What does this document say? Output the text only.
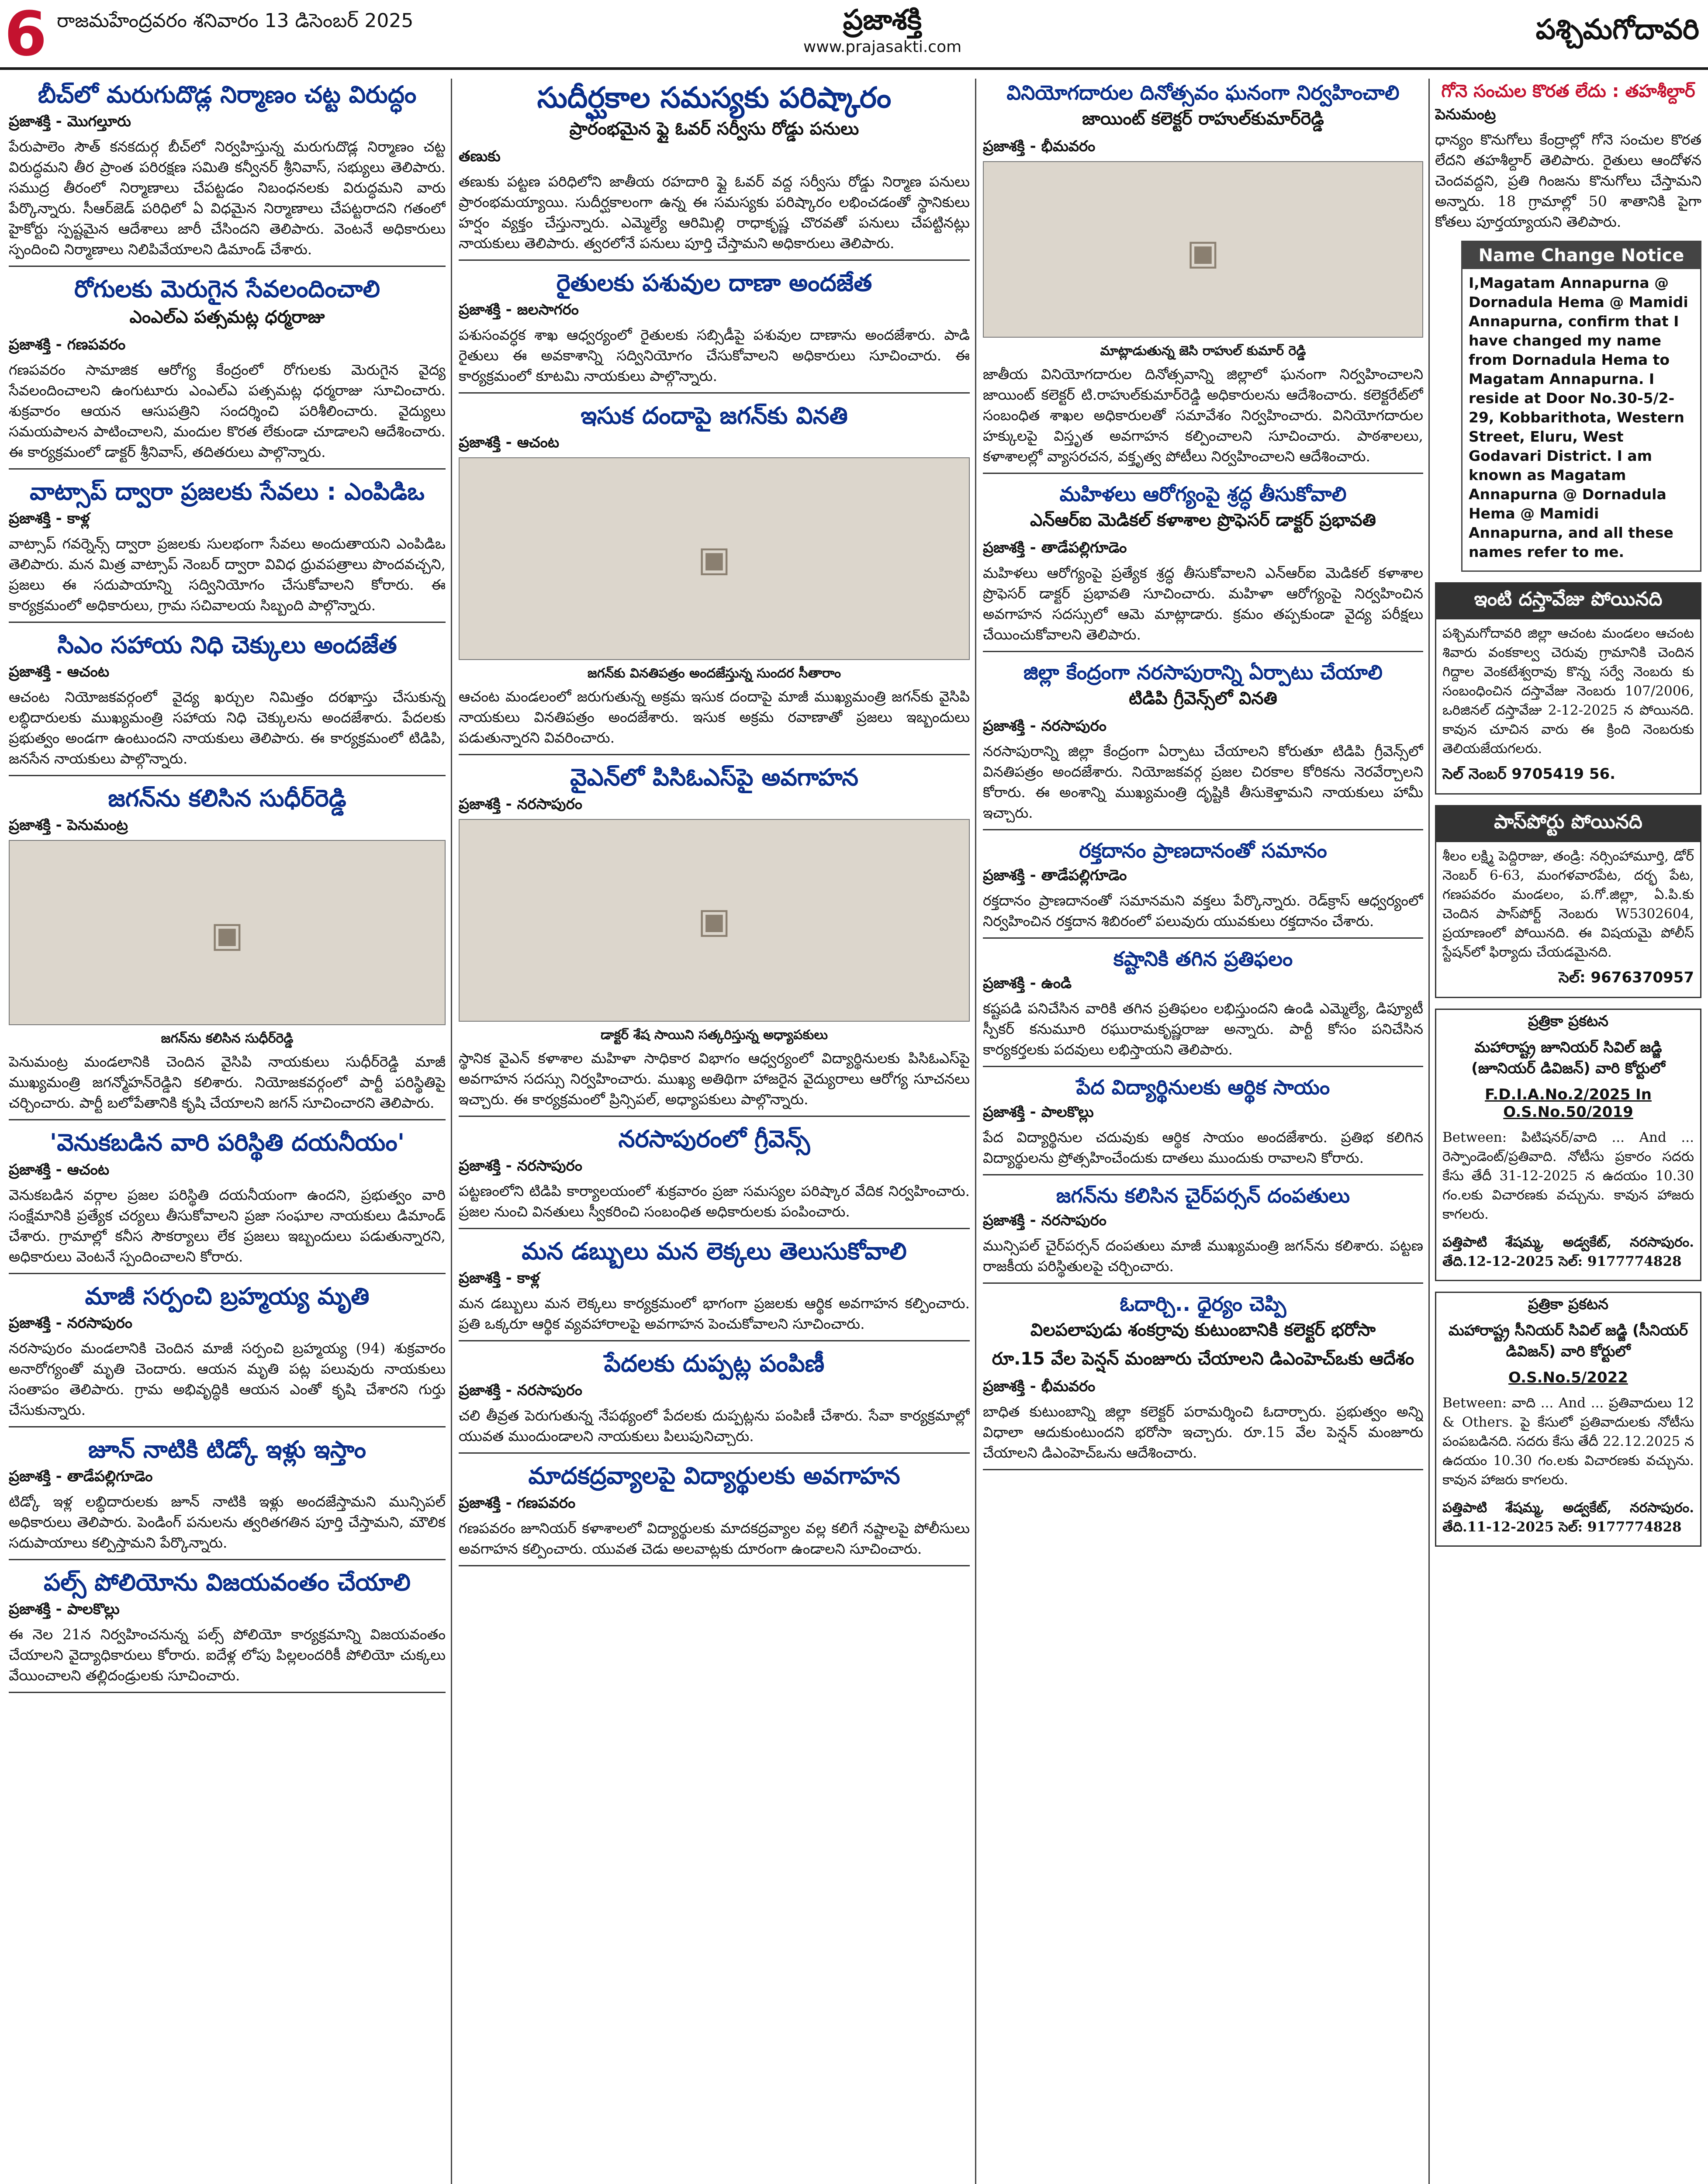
6 రాజమహేంద్రవరం శనివారం 13 డిసెంబర్ 2025	ప్రజాశక్తి
www.prajasakti.com
పశ్చిమగోదావరి
బీచ్‌లో మరుగుదొడ్ల నిర్మాణం చట్ట విరుద్ధం
ప్రజాశక్తి - మొగల్తూరు

పేరుపాలెం సౌత్ కనకదుర్గ బీచ్‌లో నిర్వహిస్తున్న మరుగుదొడ్ల నిర్మాణం చట్ట విరుద్ధమని తీర ప్రాంత పరిరక్షణ సమితి కన్వీనర్ శ్రీనివాస్, సభ్యులు తెలిపారు. సముద్ర తీరంలో నిర్మాణాలు చేపట్టడం నిబంధనలకు విరుద్ధమని వారు పేర్కొన్నారు. సీఆర్‌జెడ్ పరిధిలో ఏ విధమైన నిర్మాణాలు చేపట్టరాదని గతంలో హైకోర్టు స్పష్టమైన ఆదేశాలు జారీ చేసిందని తెలిపారు. వెంటనే అధికారులు స్పందించి నిర్మాణాలు నిలిపివేయాలని డిమాండ్ చేశారు.

రోగులకు మెరుగైన సేవలందించాలి
ఎంఎల్‌ఎ పత్సమట్ల ధర్మరాజు
ప్రజాశక్తి - గణపవరం

గణపవరం సామాజిక ఆరోగ్య కేంద్రంలో రోగులకు మెరుగైన వైద్య సేవలందించాలని ఉంగుటూరు ఎంఎల్‌ఎ పత్సమట్ల ధర్మరాజు సూచించారు. శుక్రవారం ఆయన ఆసుపత్రిని సందర్శించి పరిశీలించారు. వైద్యులు సమయపాలన పాటించాలని, మందుల కొరత లేకుండా చూడాలని ఆదేశించారు. ఈ కార్యక్రమంలో డాక్టర్ శ్రీనివాస్, తదితరులు పాల్గొన్నారు.

వాట్సాప్ ద్వారా ప్రజలకు సేవలు : ఎంపిడిఒ
ప్రజాశక్తి - కాళ్ల

వాట్సాప్ గవర్నెన్స్ ద్వారా ప్రజలకు సులభంగా సేవలు అందుతాయని ఎంపిడిఒ తెలిపారు. మన మిత్ర వాట్సాప్ నెంబర్ ద్వారా వివిధ ధ్రువపత్రాలు పొందవచ్చని, ప్రజలు ఈ సదుపాయాన్ని సద్వినియోగం చేసుకోవాలని కోరారు. ఈ కార్యక్రమంలో అధికారులు, గ్రామ సచివాలయ సిబ్బంది పాల్గొన్నారు.

సిఎం సహాయ నిధి చెక్కులు అందజేత
ప్రజాశక్తి - ఆచంట

ఆచంట నియోజకవర్గంలో వైద్య ఖర్చుల నిమిత్తం దరఖాస్తు చేసుకున్న లబ్ధిదారులకు ముఖ్యమంత్రి సహాయ నిధి చెక్కులను అందజేశారు. పేదలకు ప్రభుత్వం అండగా ఉంటుందని నాయకులు తెలిపారు. ఈ కార్యక్రమంలో టిడిపి, జనసేన నాయకులు పాల్గొన్నారు.

జగన్‌ను కలిసిన సుధీర్‌రెడ్డి
ప్రజాశక్తి - పెనుమంట్ర
▣
జగన్‌ను కలిసిన సుధీర్‌రెడ్డి

పెనుమంట్ర మండలానికి చెందిన వైసిపి నాయకులు సుధీర్‌రెడ్డి మాజీ ముఖ్యమంత్రి జగన్మోహన్‌రెడ్డిని కలిశారు. నియోజకవర్గంలో పార్టీ పరిస్థితిపై చర్చించారు. పార్టీ బలోపేతానికి కృషి చేయాలని జగన్ సూచించారని తెలిపారు.

'వెనుకబడిన వారి పరిస్థితి దయనీయం'
ప్రజాశక్తి - ఆచంట

వెనుకబడిన వర్గాల ప్రజల పరిస్థితి దయనీయంగా ఉందని, ప్రభుత్వం వారి సంక్షేమానికి ప్రత్యేక చర్యలు తీసుకోవాలని ప్రజా సంఘాల నాయకులు డిమాండ్ చేశారు. గ్రామాల్లో కనీస సౌకర్యాలు లేక ప్రజలు ఇబ్బందులు పడుతున్నారని, అధికారులు వెంటనే స్పందించాలని కోరారు.

మాజీ సర్పంచి బ్రహ్మయ్య మృతి
ప్రజాశక్తి - నరసాపురం

నరసాపురం మండలానికి చెందిన మాజీ సర్పంచి బ్రహ్మయ్య (94) శుక్రవారం అనారోగ్యంతో మృతి చెందారు. ఆయన మృతి పట్ల పలువురు నాయకులు సంతాపం తెలిపారు. గ్రామ అభివృద్ధికి ఆయన ఎంతో కృషి చేశారని గుర్తు చేసుకున్నారు.

జూన్ నాటికి టిడ్కో ఇళ్లు ఇస్తాం
ప్రజాశక్తి - తాడేపల్లిగూడెం

టిడ్కో ఇళ్ల లబ్ధిదారులకు జూన్ నాటికి ఇళ్లు అందజేస్తామని మున్సిపల్ అధికారులు తెలిపారు. పెండింగ్ పనులను త్వరితగతిన పూర్తి చేస్తామని, మౌలిక సదుపాయాలు కల్పిస్తామని పేర్కొన్నారు.

పల్స్ పోలియోను విజయవంతం చేయాలి
ప్రజాశక్తి - పాలకొల్లు

ఈ నెల 21న నిర్వహించనున్న పల్స్ పోలియో కార్యక్రమాన్ని విజయవంతం చేయాలని వైద్యాధికారులు కోరారు. ఐదేళ్ల లోపు పిల్లలందరికీ పోలియో చుక్కలు వేయించాలని తల్లిదండ్రులకు సూచించారు.

సుదీర్ఘకాల సమస్యకు పరిష్కారం
ప్రారంభమైన ఫ్లై ఓవర్ సర్వీసు రోడ్డు పనులు
తణుకు

తణుకు పట్టణ పరిధిలోని జాతీయ రహదారి ఫ్లై ఓవర్ వద్ద సర్వీసు రోడ్డు నిర్మాణ పనులు ప్రారంభమయ్యాయి. సుదీర్ఘకాలంగా ఉన్న ఈ సమస్యకు పరిష్కారం లభించడంతో స్థానికులు హర్షం వ్యక్తం చేస్తున్నారు. ఎమ్మెల్యే ఆరిమిల్లి రాధాకృష్ణ చొరవతో పనులు చేపట్టినట్లు నాయకులు తెలిపారు. త్వరలోనే పనులు పూర్తి చేస్తామని అధికారులు తెలిపారు.

రైతులకు పశువుల దాణా అందజేత
ప్రజాశక్తి - జలసాగరం

పశుసంవర్ధక శాఖ ఆధ్వర్యంలో రైతులకు సబ్సిడీపై పశువుల దాణాను అందజేశారు. పాడి రైతులు ఈ అవకాశాన్ని సద్వినియోగం చేసుకోవాలని అధికారులు సూచించారు. ఈ కార్యక్రమంలో కూటమి నాయకులు పాల్గొన్నారు.

ఇసుక దందాపై జగన్‌కు వినతి
ప్రజాశక్తి - ఆచంట
▣
జగన్‌కు వినతిపత్రం అందజేస్తున్న సుందర సీతారాం

ఆచంట మండలంలో జరుగుతున్న అక్రమ ఇసుక దందాపై మాజీ ముఖ్యమంత్రి జగన్‌కు వైసిపి నాయకులు వినతిపత్రం అందజేశారు. ఇసుక అక్రమ రవాణాతో ప్రజలు ఇబ్బందులు పడుతున్నారని వివరించారు.

వైఎన్‌లో పిసిఓఎస్‌పై అవగాహన
ప్రజాశక్తి - నరసాపురం
▣
డాక్టర్ శేష సాయిని సత్కరిస్తున్న అధ్యాపకులు

స్థానిక వైఎన్ కళాశాల మహిళా సాధికార విభాగం ఆధ్వర్యంలో విద్యార్థినులకు పిసిఓఎస్‌పై అవగాహన సదస్సు నిర్వహించారు. ముఖ్య అతిథిగా హాజరైన వైద్యురాలు ఆరోగ్య సూచనలు ఇచ్చారు. ఈ కార్యక్రమంలో ప్రిన్సిపల్, అధ్యాపకులు పాల్గొన్నారు.

నరసాపురంలో గ్రీవెన్స్
ప్రజాశక్తి - నరసాపురం

పట్టణంలోని టిడిపి కార్యాలయంలో శుక్రవారం ప్రజా సమస్యల పరిష్కార వేదిక నిర్వహించారు. ప్రజల నుంచి వినతులు స్వీకరించి సంబంధిత అధికారులకు పంపించారు.

మన డబ్బులు మన లెక్కలు తెలుసుకోవాలి
ప్రజాశక్తి - కాళ్ల

మన డబ్బులు మన లెక్కలు కార్యక్రమంలో భాగంగా ప్రజలకు ఆర్థిక అవగాహన కల్పించారు. ప్రతి ఒక్కరూ ఆర్థిక వ్యవహారాలపై అవగాహన పెంచుకోవాలని సూచించారు.

పేదలకు దుప్పట్ల పంపిణీ
ప్రజాశక్తి - నరసాపురం

చలి తీవ్రత పెరుగుతున్న నేపథ్యంలో పేదలకు దుప్పట్లను పంపిణీ చేశారు. సేవా కార్యక్రమాల్లో యువత ముందుండాలని నాయకులు పిలుపునిచ్చారు.

మాదకద్రవ్యాలపై విద్యార్థులకు అవగాహన
ప్రజాశక్తి - గణపవరం

గణపవరం జూనియర్ కళాశాలలో విద్యార్థులకు మాదకద్రవ్యాల వల్ల కలిగే నష్టాలపై పోలీసులు అవగాహన కల్పించారు. యువత చెడు అలవాట్లకు దూరంగా ఉండాలని సూచించారు.

వినియోగదారుల దినోత్సవం ఘనంగా నిర్వహించాలి
జాయింట్ కలెక్టర్ రాహుల్‌కుమార్‌రెడ్డి
ప్రజాశక్తి - భీమవరం
▣
మాట్లాడుతున్న జెసి రాహుల్ కుమార్ రెడ్డి

జాతీయ వినియోగదారుల దినోత్సవాన్ని జిల్లాలో ఘనంగా నిర్వహించాలని జాయింట్ కలెక్టర్ టి.రాహుల్‌కుమార్‌రెడ్డి అధికారులను ఆదేశించారు. కలెక్టరేట్‌లో సంబంధిత శాఖల అధికారులతో సమావేశం నిర్వహించారు. వినియోగదారుల హక్కులపై విస్తృత అవగాహన కల్పించాలని సూచించారు. పాఠశాలలు, కళాశాలల్లో వ్యాసరచన, వక్తృత్వ పోటీలు నిర్వహించాలని ఆదేశించారు.

మహిళలు ఆరోగ్యంపై శ్రద్ధ తీసుకోవాలి
ఎన్‌ఆర్‌ఐ మెడికల్ కళాశాల ప్రొఫెసర్ డాక్టర్ ప్రభావతి
ప్రజాశక్తి - తాడేపల్లిగూడెం

మహిళలు ఆరోగ్యంపై ప్రత్యేక శ్రద్ధ తీసుకోవాలని ఎన్‌ఆర్‌ఐ మెడికల్ కళాశాల ప్రొఫెసర్ డాక్టర్ ప్రభావతి సూచించారు. మహిళా ఆరోగ్యంపై నిర్వహించిన అవగాహన సదస్సులో ఆమె మాట్లాడారు. క్రమం తప్పకుండా వైద్య పరీక్షలు చేయించుకోవాలని తెలిపారు.

జిల్లా కేంద్రంగా నరసాపురాన్ని ఏర్పాటు చేయాలి
టిడిపి గ్రీవెన్స్‌లో వినతి
ప్రజాశక్తి - నరసాపురం

నరసాపురాన్ని జిల్లా కేంద్రంగా ఏర్పాటు చేయాలని కోరుతూ టిడిపి గ్రీవెన్స్‌లో వినతిపత్రం అందజేశారు. నియోజకవర్గ ప్రజల చిరకాల కోరికను నెరవేర్చాలని కోరారు. ఈ అంశాన్ని ముఖ్యమంత్రి దృష్టికి తీసుకెళ్తామని నాయకులు హామీ ఇచ్చారు.

రక్తదానం ప్రాణదానంతో సమానం
ప్రజాశక్తి - తాడేపల్లిగూడెం

రక్తదానం ప్రాణదానంతో సమానమని వక్తలు పేర్కొన్నారు. రెడ్‌క్రాస్ ఆధ్వర్యంలో నిర్వహించిన రక్తదాన శిబిరంలో పలువురు యువకులు రక్తదానం చేశారు.

కష్టానికి తగిన ప్రతిఫలం
ప్రజాశక్తి - ఉండి

కష్టపడి పనిచేసిన వారికి తగిన ప్రతిఫలం లభిస్తుందని ఉండి ఎమ్మెల్యే, డిప్యూటీ స్పీకర్ కనుమూరి రఘురామకృష్ణరాజు అన్నారు. పార్టీ కోసం పనిచేసిన కార్యకర్తలకు పదవులు లభిస్తాయని తెలిపారు.

పేద విద్యార్థినులకు ఆర్థిక సాయం
ప్రజాశక్తి - పాలకొల్లు

పేద విద్యార్థినుల చదువుకు ఆర్థిక సాయం అందజేశారు. ప్రతిభ కలిగిన విద్యార్థులను ప్రోత్సహించేందుకు దాతలు ముందుకు రావాలని కోరారు.

జగన్‌ను కలిసిన చైర్‌పర్సన్ దంపతులు
ప్రజాశక్తి - నరసాపురం

మున్సిపల్ చైర్‌పర్సన్ దంపతులు మాజీ ముఖ్యమంత్రి జగన్‌ను కలిశారు. పట్టణ రాజకీయ పరిస్థితులపై చర్చించారు.

ఓదార్చి.. ధైర్యం చెప్పి
విలపలాపుడు శంకర్రావు కుటుంబానికి కలెక్టర్ భరోసా
రూ.15 వేల పెన్షన్ మంజూరు చేయాలని డిఎంహెచ్‌ఒకు ఆదేశం
ప్రజాశక్తి - భీమవరం

బాధిత కుటుంబాన్ని జిల్లా కలెక్టర్ పరామర్శించి ఓదార్చారు. ప్రభుత్వం అన్ని విధాలా ఆదుకుంటుందని భరోసా ఇచ్చారు. రూ.15 వేల పెన్షన్ మంజూరు చేయాలని డిఎంహెచ్‌ఒను ఆదేశించారు.

గోనె సంచుల కొరత లేదు : తహశీల్దార్
పెనుమంట్ర

ధాన్యం కొనుగోలు కేంద్రాల్లో గోనె సంచుల కొరత లేదని తహశీల్దార్ తెలిపారు. రైతులు ఆందోళన చెందవద్దని, ప్రతి గింజను కొనుగోలు చేస్తామని అన్నారు. 18 గ్రామాల్లో 50 శాతానికి పైగా కోతలు పూర్తయ్యాయని తెలిపారు.

Name Change Notice
I,Magatam Annapurna @ Dornadula Hema @ Mamidi Annapurna, confirm that I have changed my name from Dornadula Hema to Magatam Annapurna. I reside at Door No.30-5/2-29, Kobbarithota, Western Street, Eluru, West Godavari District. I am known as Magatam Annapurna @ Dornadula Hema @ Mamidi Annapurna, and all these names refer to me.
ఇంటి దస్తావేజు పోయినది
పశ్చిమగోదావరి జిల్లా ఆచంట మండలం ఆచంట శివారు వంకకాల్వ చెరువు గ్రామానికి చెందిన గిద్దాల వెంకటేశ్వరావు కొన్న సర్వే నెంబరు కు సంబంధించిన దస్తావేజు నెంబరు 107/2006, ఒరిజినల్ దస్తావేజు 2-12-2025 న పోయినది. కావున చూచిన వారు ఈ క్రింది నెంబరుకు తెలియజేయగలరు.
సెల్ నెంబర్ 9705419 56.
పాస్‌పోర్టు పోయినది
శీలం లక్ష్మి పెద్దిరాజు, తండ్రి: నర్సింహామూర్తి, డోర్ నెంబర్ 6-63, మంగళవారపేట, దర్భ పేట, గణపవరం మండలం, ప.గో.జిల్లా, ఏ.పి.కు చెందిన పాస్‌పోర్ట్ నెంబరు W5302604, ప్రయాణంలో పోయినది. ఈ విషయమై పోలీస్ స్టేషన్‌లో ఫిర్యాదు చేయడమైనది.
సెల్: 9676370957
ప్రత్రికా ప్రకటన
మహారాష్ట్ర జూనియర్ సివిల్ జడ్జి (జూనియర్ డివిజన్) వారి కోర్టులో
F.D.I.A.No.2/2025 In O.S.No.50/2019
Between: పిటిషనర్/వాది ... And ... రెస్పాండెంట్/ప్రతివాది. నోటీసు ప్రకారం సదరు కేసు తేదీ 31-12-2025 న ఉదయం 10.30 గం.లకు విచారణకు వచ్చును. కావున హాజరు కాగలరు.
పత్తిపాటి శేషమ్మ, అడ్వకేట్, నరసాపురం. తేది.12-12-2025 సెల్: 9177774828
ప్రత్రికా ప్రకటన
మహారాష్ట్ర సీనియర్ సివిల్ జడ్జి (సీనియర్ డివిజన్) వారి కోర్టులో
O.S.No.5/2022
Between: వాది ... And ... ప్రతివాదులు 12 & Others. పై కేసులో ప్రతివాదులకు నోటీసు పంపబడినది. సదరు కేసు తేదీ 22.12.2025 న ఉదయం 10.30 గం.లకు విచారణకు వచ్చును. కావున హాజరు కాగలరు.
పత్తిపాటి శేషమ్మ, అడ్వకేట్, నరసాపురం. తేది.11-12-2025 సెల్: 9177774828
